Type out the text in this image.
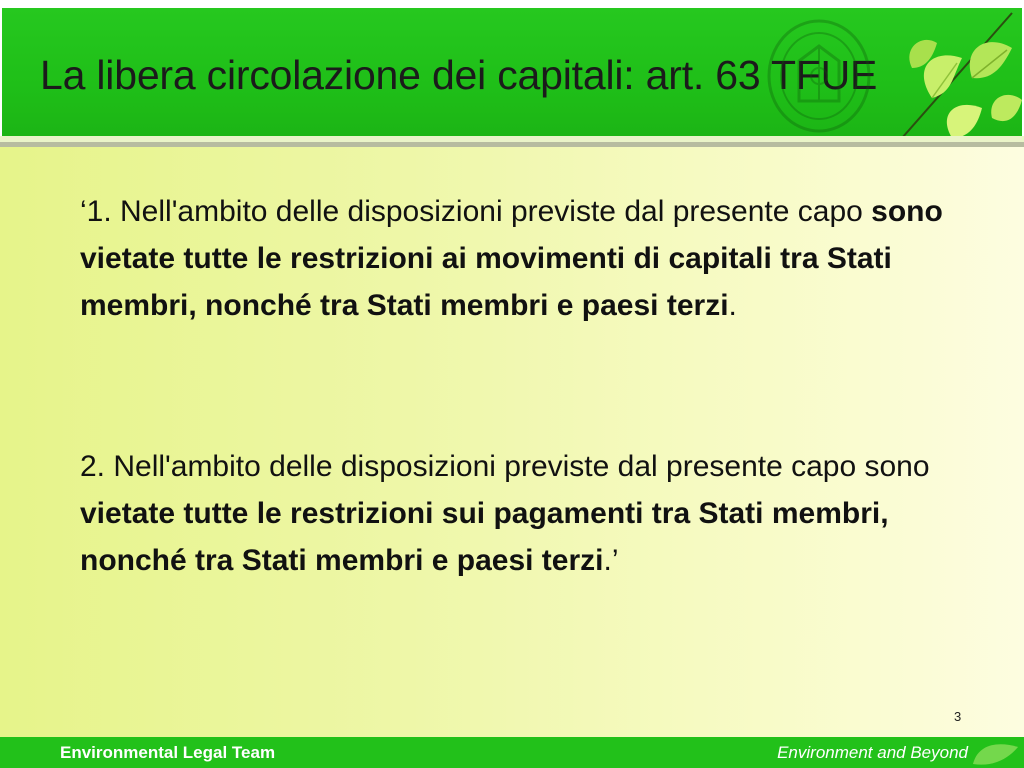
La libera circolazione dei capitali: art. 63 TFUE
‘1. Nell'ambito delle disposizioni previste dal presente capo sono vietate tutte le restrizioni ai movimenti di capitali tra Stati membri, nonché tra Stati membri e paesi terzi.
2. Nell'ambito delle disposizioni previste dal presente capo sono vietate tutte le restrizioni sui pagamenti tra Stati membri, nonché tra Stati membri e paesi terzi.’
3
Environmental Legal Team	Environment and Beyond
